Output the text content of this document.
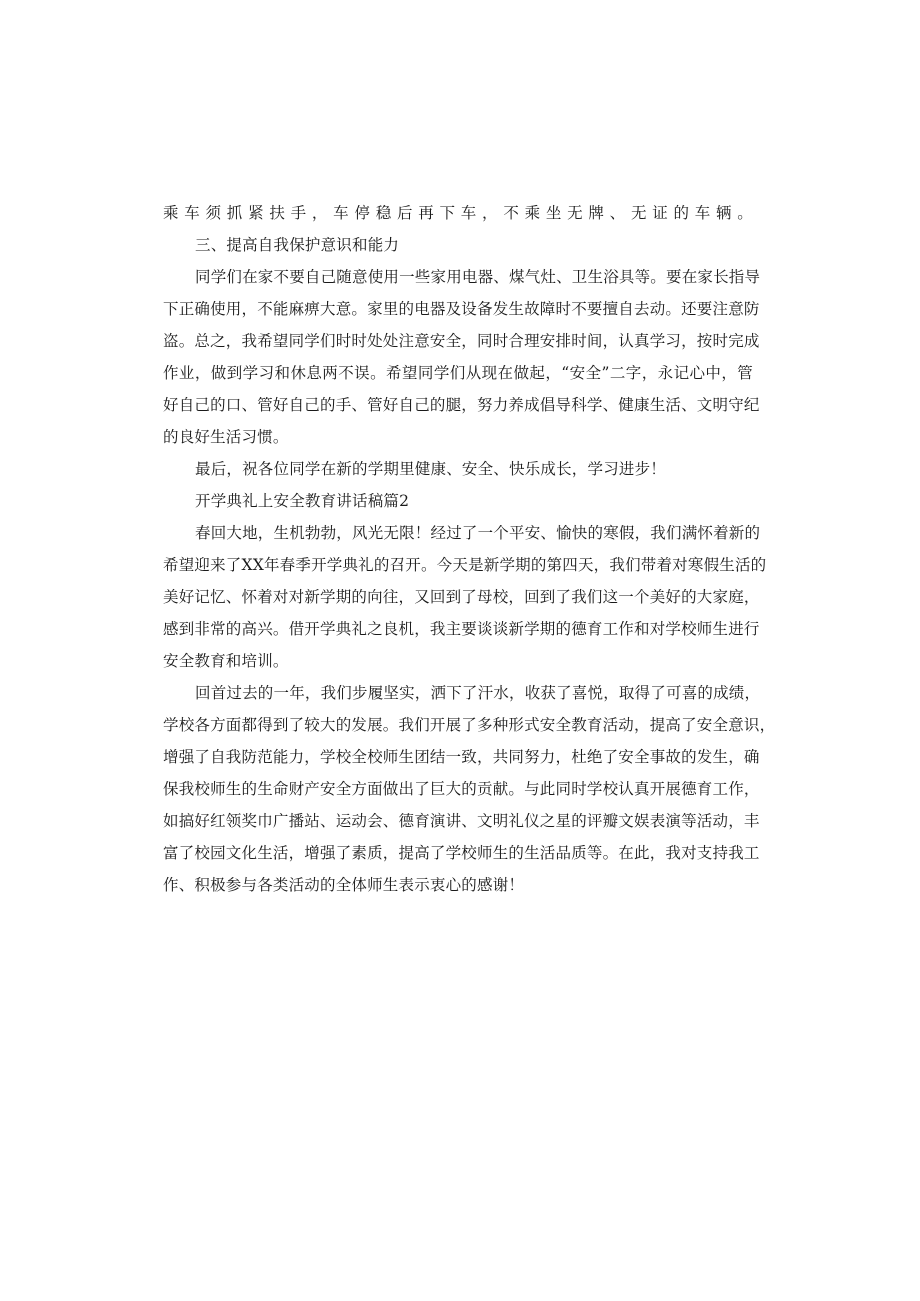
乘车须抓紧扶手，车停稳后再下车，不乘坐无牌、无证的车辆。
三、提高自我保护意识和能力
同学们在家不要自己随意使用一些家用电器、煤气灶、卫生浴具等。要在家长指导
下正确使用，不能麻痹大意。家里的电器及设备发生故障时不要擅自去动。还要注意防
盗。总之，我希望同学们时时处处注意安全，同时合理安排时间，认真学习，按时完成
作业，做到学习和休息两不误。希望同学们从现在做起，“安全”二字，永记心中，管
好自己的口、管好自己的手、管好自己的腿，努力养成倡导科学、健康生活、文明守纪
的良好生活习惯。
最后，祝各位同学在新的学期里健康、安全、快乐成长，学习进步！
开学典礼上安全教育讲话稿篇2
春回大地，生机勃勃，风光无限！经过了一个平安、愉快的寒假，我们满怀着新的
希望迎来了XX年春季开学典礼的召开。今天是新学期的第四天，我们带着对寒假生活的
美好记忆、怀着对对新学期的向往，又回到了母校，回到了我们这一个美好的大家庭，
感到非常的高兴。借开学典礼之良机，我主要谈谈新学期的德育工作和对学校师生进行
安全教育和培训。
回首过去的一年，我们步履坚实，洒下了汗水，收获了喜悦，取得了可喜的成绩，
学校各方面都得到了较大的发展。我们开展了多种形式安全教育活动，提高了安全意识，
增强了自我防范能力，学校全校师生团结一致，共同努力，杜绝了安全事故的发生，确
保我校师生的生命财产安全方面做出了巨大的贡献。与此同时学校认真开展德育工作，
如搞好红领奖巾广播站、运动会、德育演讲、文明礼仪之星的评瓣文娱表演等活动，丰
富了校园文化生活，增强了素质，提高了学校师生的生活品质等。在此，我对支持我工
作、积极参与各类活动的全体师生表示衷心的感谢！
